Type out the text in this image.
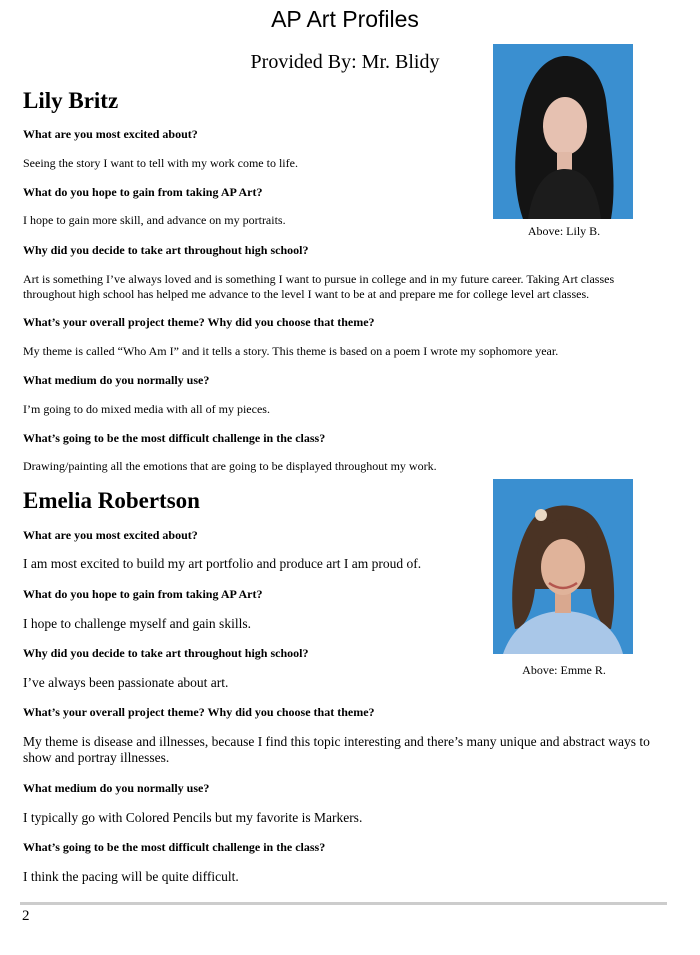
AP Art Profiles
Provided By: Mr. Blidy
Lily Britz
What are you most excited about?
Seeing the story I want to tell with my work come to life.
What do you hope to gain from taking AP Art?
I hope to gain more skill, and advance on my portraits.
Why did you decide to take art throughout high school?
Art is something I’ve always loved and is something I want to pursue in college and in my future career. Taking Art classes throughout high school has helped me advance to the level I want to be at and prepare me for college level art classes.
What’s your overall project theme? Why did you choose that theme?
My theme is called “Who Am I” and it tells a story. This theme is based on a poem I wrote my sophomore year.
What medium do you normally use?
I’m going to do mixed media with all of my pieces.
What’s going to be the most difficult challenge in the class?
Drawing/painting all the emotions that are going to be displayed throughout my work.
Above: Lily B.
Emelia Robertson
What are you most excited about?
I am most excited to build my art portfolio and produce art I am proud of.
What do you hope to gain from taking AP Art?
I hope to challenge myself and gain skills.
Why did you decide to take art throughout high school?
I’ve always been passionate about art.
What’s your overall project theme? Why did you choose that theme?
My theme is disease and illnesses, because I find this topic interesting and there’s many unique and abstract ways to show and portray illnesses.
What medium do you normally use?
I typically go with Colored Pencils but my favorite is Markers.
What’s going to be the most difficult challenge in the class?
I think the pacing will be quite difficult.
Above: Emme R.
2
